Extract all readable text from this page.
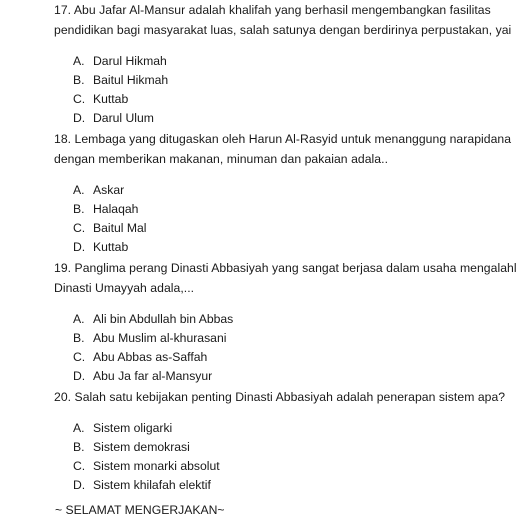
17. Abu Jafar Al-Mansur adalah khalifah yang berhasil mengembangkan fasilitas
pendidikan bagi masyarakat luas, salah satunya dengan berdirinya perpustakan, yai
A. Darul Hikmah
B. Baitul Hikmah
C. Kuttab
D. Darul Ulum
18. Lembaga yang ditugaskan oleh Harun Al-Rasyid untuk menanggung narapidana
dengan memberikan makanan, minuman dan pakaian adala..
A. Askar
B. Halaqah
C. Baitul Mal
D. Kuttab
19. Panglima perang Dinasti Abbasiyah yang sangat berjasa dalam usaha mengalahl
Dinasti Umayyah adala,...
A. Ali bin Abdullah bin Abbas
B. Abu Muslim al-khurasani
C. Abu Abbas as-Saffah
D. Abu Ja far al-Mansyur
20. Salah satu kebijakan penting Dinasti Abbasiyah adalah penerapan sistem apa?
A. Sistem oligarki
B. Sistem demokrasi
C. Sistem monarki absolut
D. Sistem khilafah elektif
~ SELAMAT MENGERJAKAN~
